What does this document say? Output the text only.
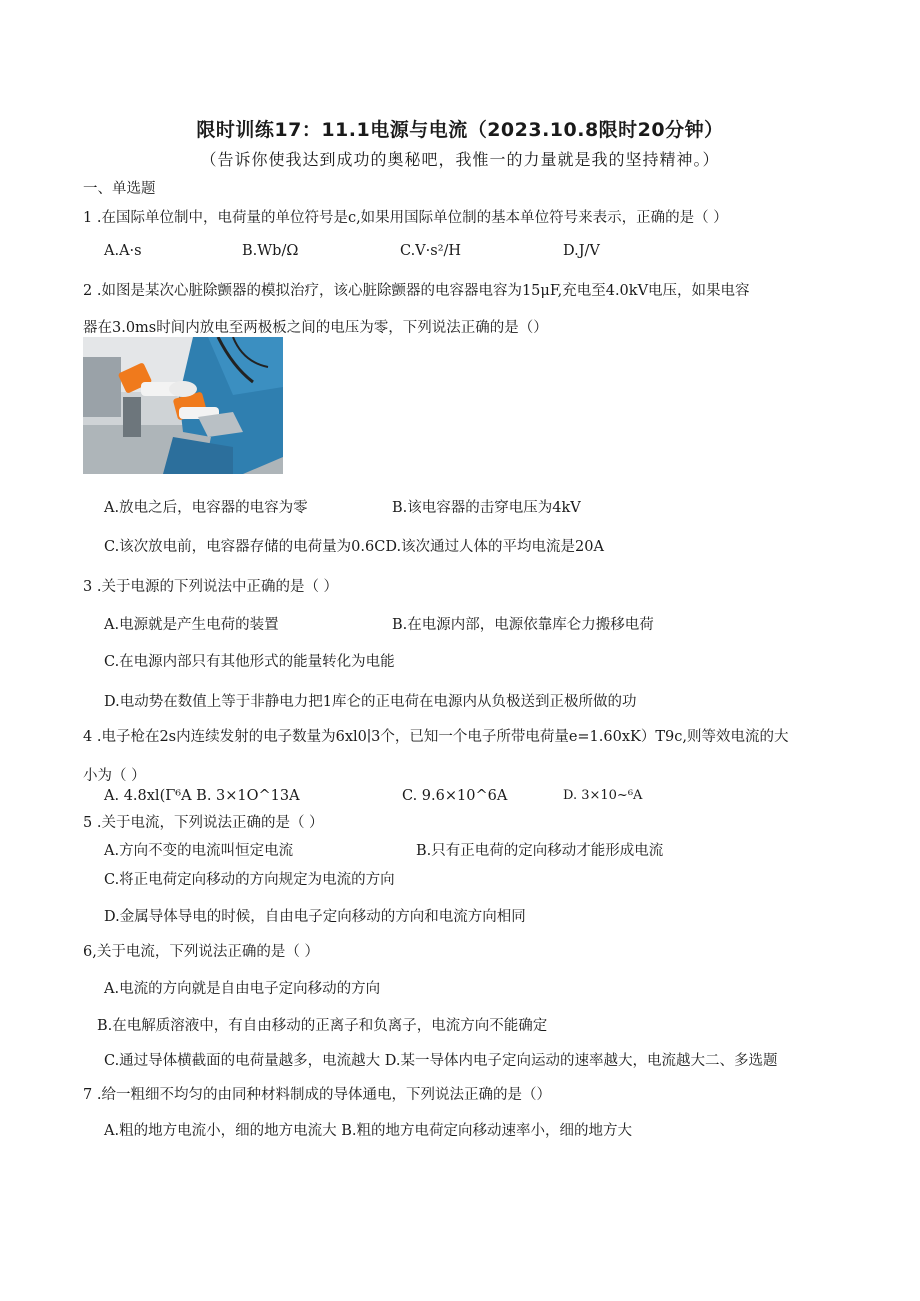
限时训练17：11.1电源与电流（2023.10.8限时20分钟）
（告诉你使我达到成功的奥秘吧，我惟一的力量就是我的坚持精神。）
一、单选题
1 .在国际单位制中，电荷量的单位符号是c,如果用国际单位制的基本单位符号来表示，正确的是（ ）
A.A·s	B.Wb/Ω	C.V·s²/H	D.J/V
2 .如图是某次心脏除颤器的模拟治疗，该心脏除颤器的电容器电容为15μF,充电至4.0kV电压，如果电容
器在3.0ms时间内放电至两极板之间的电压为零，下列说法正确的是（）
A.放电之后，电容器的电容为零	B.该电容器的击穿电压为4kV
C.该次放电前，电容器存储的电荷量为0.6CD.该次通过人体的平均电流是20A
3 .关于电源的下列说法中正确的是（ ）
A.电源就是产生电荷的装置	B.在电源内部，电源依靠库仑力搬移电荷
C.在电源内部只有其他形式的能量转化为电能
D.电动势在数值上等于非静电力把1库仑的正电荷在电源内从负极送到正极所做的功
4 .电子枪在2s内连续发射的电子数量为6xl0∣3个，已知一个电子所带电荷量e=1.60xK）T9c,则等效电流的大
小为（ ）
A. 4.8xl(Γ⁶A B. 3×1O^13A	C. 9.6×10^6A	D. 3×10~⁶A
5 .关于电流，下列说法正确的是（ ）
A.方向不变的电流叫恒定电流	B.只有正电荷的定向移动才能形成电流
C.将正电荷定向移动的方向规定为电流的方向
D.金属导体导电的时候，自由电子定向移动的方向和电流方向相同
6,关于电流，下列说法正确的是（ ）
A.电流的方向就是自由电子定向移动的方向
B.在电解质溶液中，有自由移动的正离子和负离子，电流方向不能确定
C.通过导体横截面的电荷量越多，电流越大 D.某一导体内电子定向运动的速率越大，电流越大二、多选题
7 .给一粗细不均匀的由同种材料制成的导体通电，下列说法正确的是（）
A.粗的地方电流小，细的地方电流大 B.粗的地方电荷定向移动速率小，细的地方大
